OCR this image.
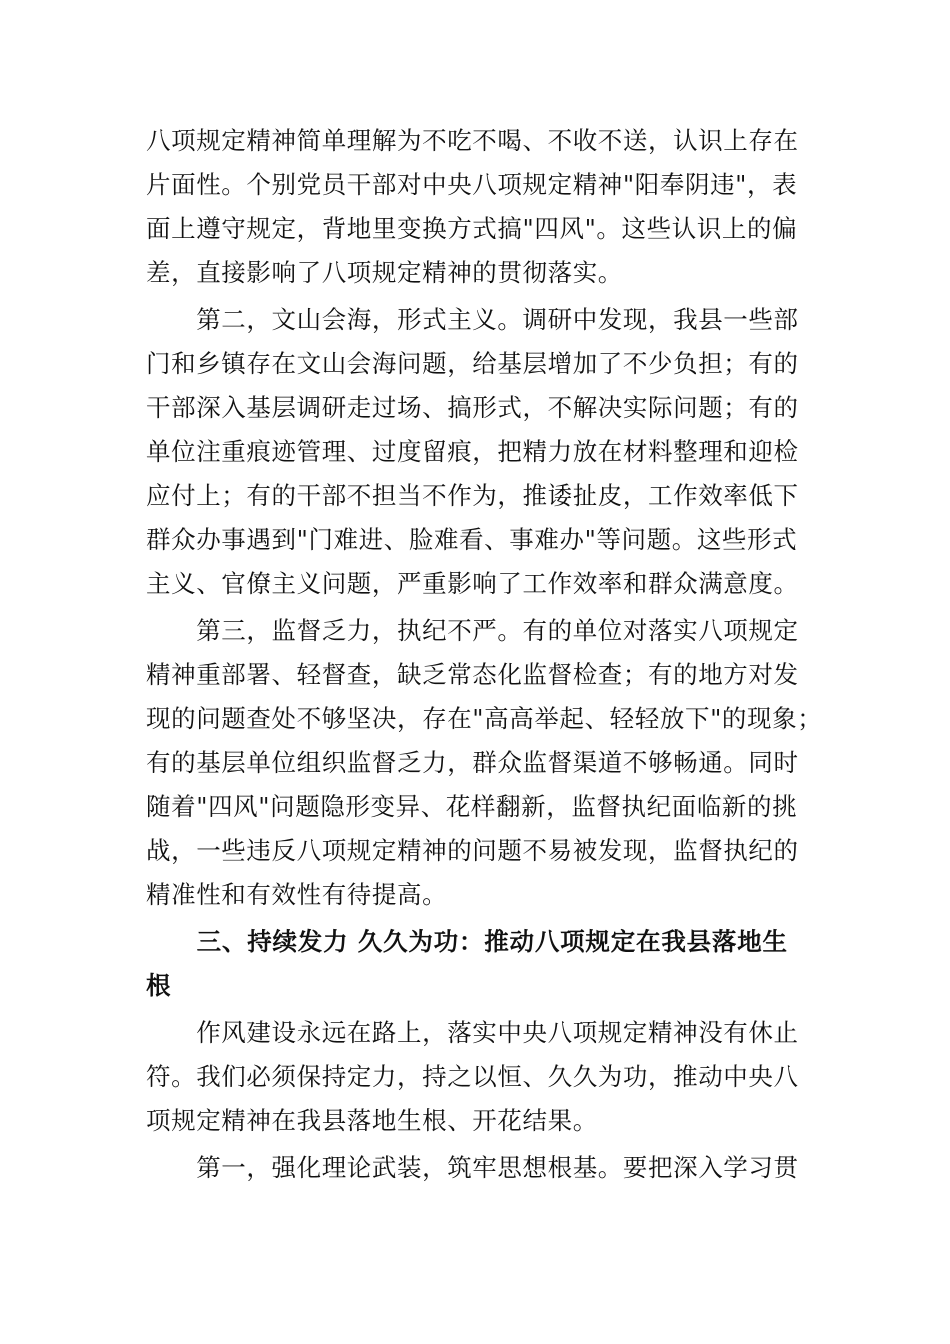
八项规定精神简单理解为不吃不喝、不收不送，认识上存在
片面性。个别党员干部对中央八项规定精神"阳奉阴违"，表
面上遵守规定，背地里变换方式搞"四风"。这些认识上的偏
差，直接影响了八项规定精神的贯彻落实。
　　第二，文山会海，形式主义。调研中发现，我县一些部
门和乡镇存在文山会海问题，给基层增加了不少负担；有的
干部深入基层调研走过场、搞形式，不解决实际问题；有的
单位注重痕迹管理、过度留痕，把精力放在材料整理和迎检
应付上；有的干部不担当不作为，推诿扯皮，工作效率低下
群众办事遇到"门难进、脸难看、事难办"等问题。这些形式
主义、官僚主义问题，严重影响了工作效率和群众满意度。
　　第三，监督乏力，执纪不严。有的单位对落实八项规定
精神重部署、轻督查，缺乏常态化监督检查；有的地方对发
现的问题查处不够坚决，存在"高高举起、轻轻放下"的现象；
有的基层单位组织监督乏力，群众监督渠道不够畅通。同时
随着"四风"问题隐形变异、花样翻新，监督执纪面临新的挑
战，一些违反八项规定精神的问题不易被发现，监督执纪的
精准性和有效性有待提高。
　　三、持续发力 久久为功：推动八项规定在我县落地生
根
　　作风建设永远在路上，落实中央八项规定精神没有休止
符。我们必须保持定力，持之以恒、久久为功，推动中央八
项规定精神在我县落地生根、开花结果。
　　第一，强化理论武装，筑牢思想根基。要把深入学习贯
